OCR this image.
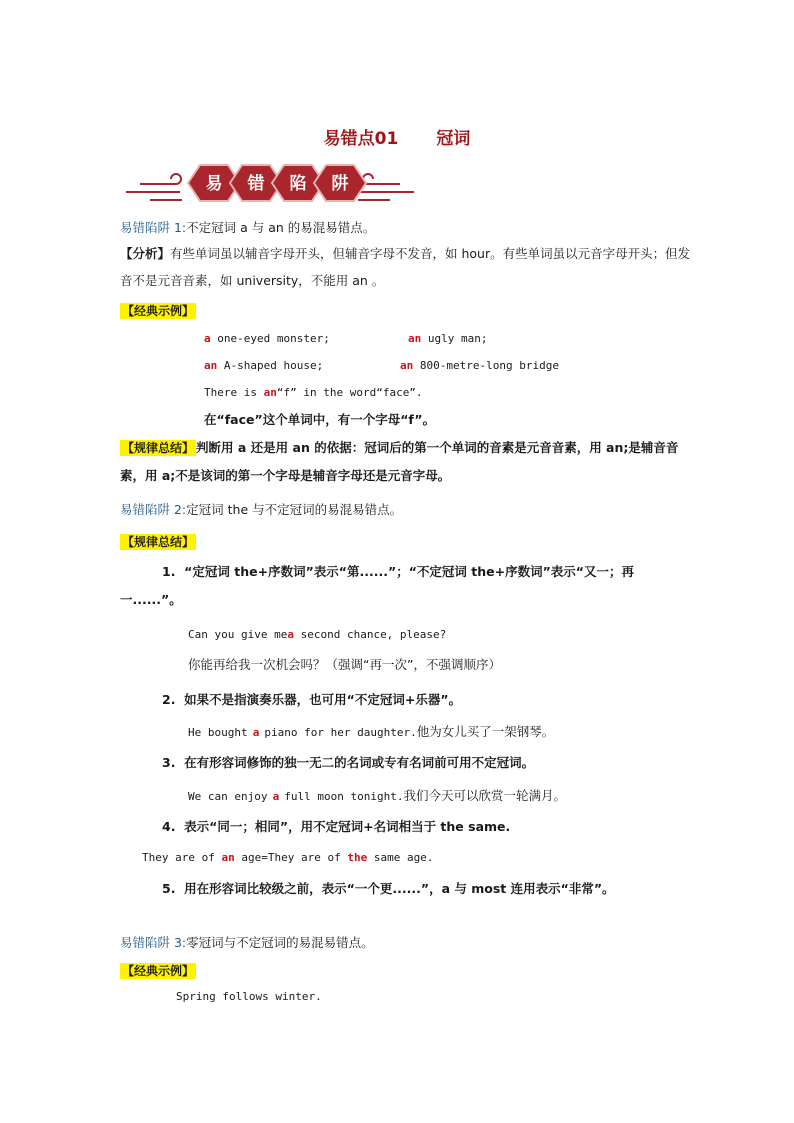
易错点01 冠词
易 错 陷 阱
易错陷阱 1:不定冠词 a 与 an 的易混易错点。
【分析】有些单词虽以辅音字母开头，但辅音字母不发音，如 hour。有些单词虽以元音字母开头；但发音不是元音音素，如 university，不能用 an 。
【经典示例】
a one-eyed monster;	an ugly man;
an A-shaped house;	an 800-metre-long bridge
There is an“f” in the word“face”.
在“face”这个单词中，有一个字母“f”。
【规律总结】 判断用 a 还是用 an 的依据：冠词后的第一个单词的音素是元音音素，用 an;是辅音音素，用 a;不是该词的第一个字母是辅音字母还是元音字母。
易错陷阱 2:定冠词 the 与不定冠词的易混易错点。
【规律总结】
1. “定冠词 the+序数词”表示“第......”；“不定冠词 the+序数词”表示“又一；再
一......”。
Can you give mea second chance, please?
你能再给我一次机会吗？（强调“再一次”，不强调顺序）
2. 如果不是指演奏乐器，也可用“不定冠词+乐器”。
He bought a piano for her daughter.他为女儿买了一架钢琴。
3. 在有形容词修饰的独一无二的名词或专有名词前可用不定冠词。
We can enjoy a full moon tonight.我们今天可以欣赏一轮满月。
4. 表示“同一；相同”，用不定冠词+名词相当于 the same.
They are of an age=They are of the same age.
5. 用在形容词比较级之前，表示“一个更......”，a 与 most 连用表示“非常”。
易错陷阱 3:零冠词与不定冠词的易混易错点。
【经典示例】
Spring follows winter.
